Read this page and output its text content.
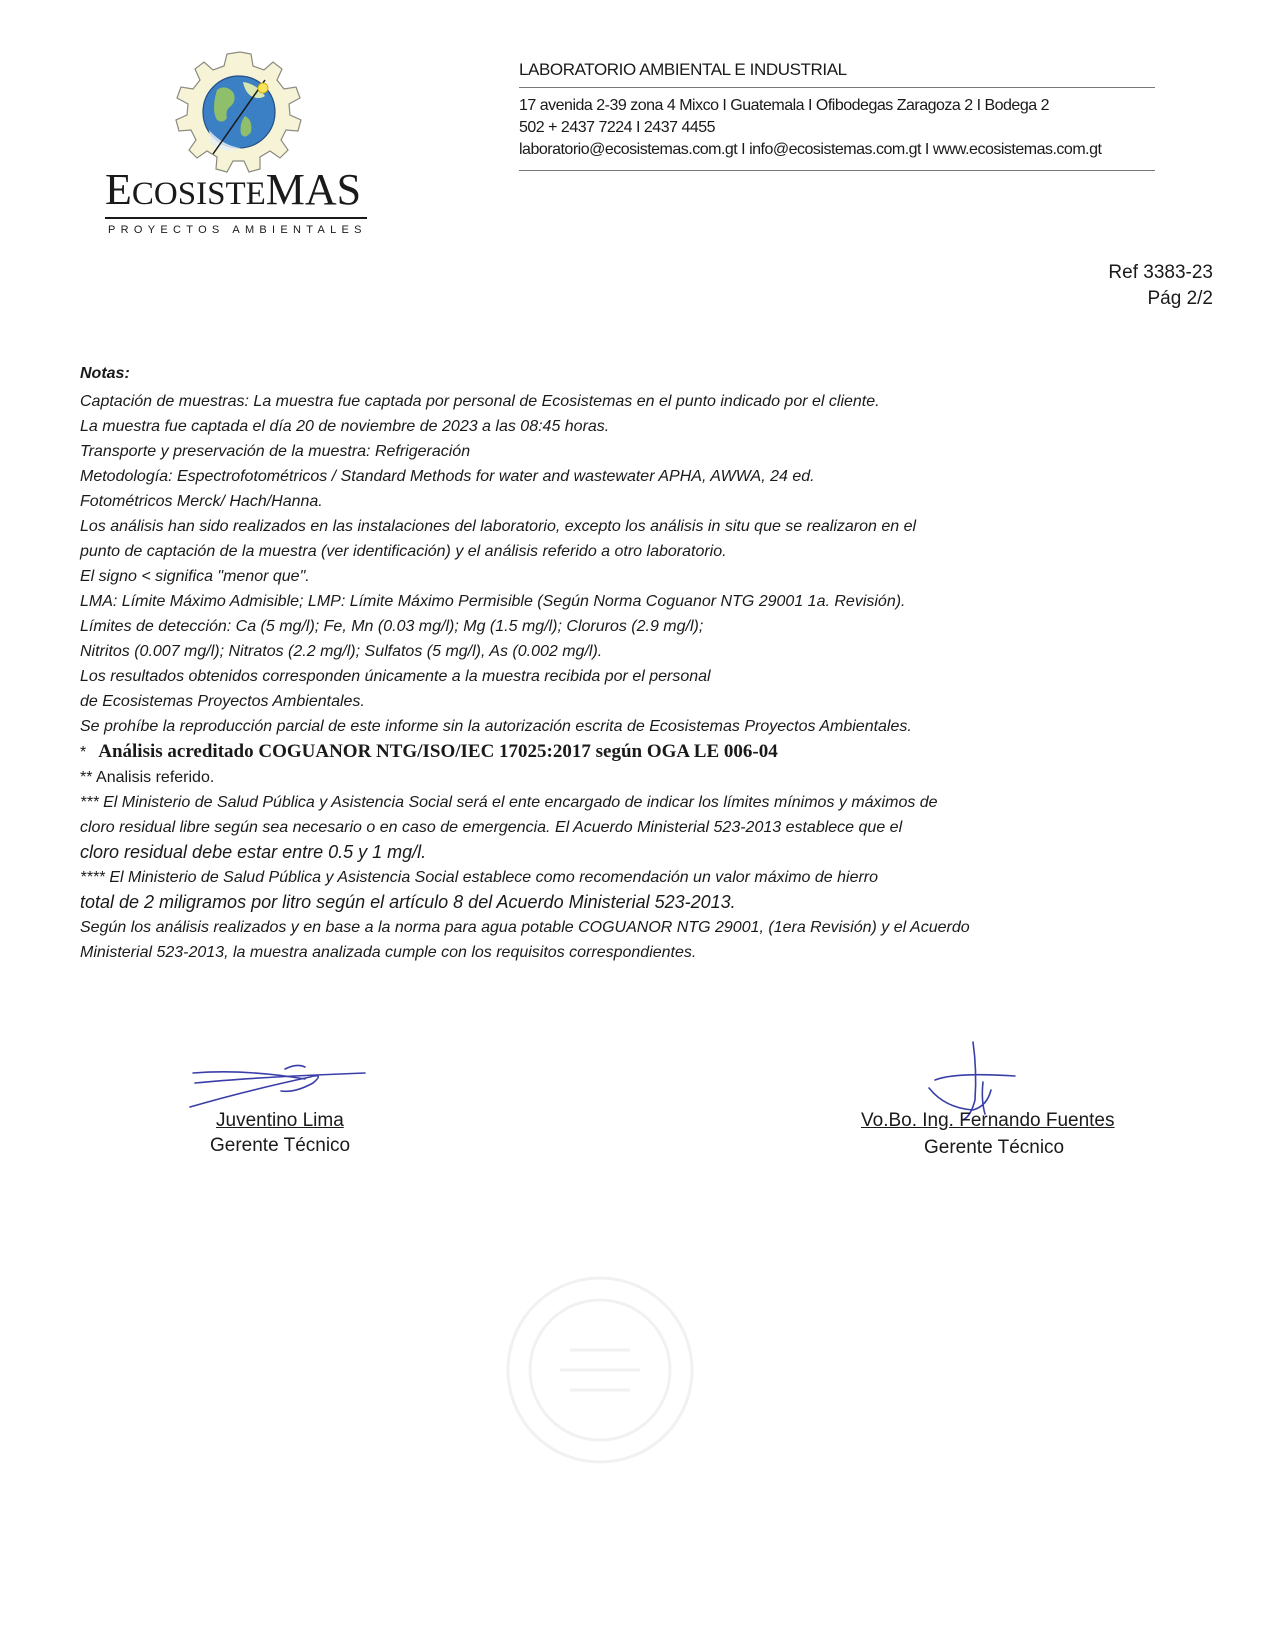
ECOSISTEMAS
PROYECTOS AMBIENTALES
LABORATORIO AMBIENTAL E INDUSTRIAL
17 avenida 2-39 zona 4 Mixco I Guatemala I Ofibodegas Zaragoza 2 I Bodega 2
502 + 2437 7224 I 2437 4455
laboratorio@ecosistemas.com.gt I info@ecosistemas.com.gt I www.ecosistemas.com.gt
Ref 3383-23
Pág 2/2
Notas:
Captación de muestras: La muestra fue captada por personal de Ecosistemas en el punto indicado por el cliente.
La muestra fue captada el día 20 de noviembre de 2023 a las 08:45 horas.
Transporte y preservación de la muestra: Refrigeración
Metodología: Espectrofotométricos / Standard Methods for water and wastewater APHA, AWWA, 24 ed.
Fotométricos Merck/ Hach/Hanna.
Los análisis han sido realizados en las instalaciones del laboratorio, excepto los análisis in situ que se realizaron en el
punto de captación de la muestra (ver identificación) y el análisis referido a otro laboratorio.
El signo < significa "menor que".
LMA: Límite Máximo Admisible; LMP: Límite Máximo Permisible (Según Norma Coguanor NTG 29001 1a. Revisión).
Límites de detección: Ca (5 mg/l); Fe, Mn (0.03 mg/l); Mg (1.5 mg/l); Cloruros (2.9 mg/l);
Nitritos (0.007 mg/l); Nitratos (2.2 mg/l); Sulfatos (5 mg/l), As (0.002 mg/l).
Los resultados obtenidos corresponden únicamente a la muestra recibida por el personal
de Ecosistemas Proyectos Ambientales.
Se prohíbe la reproducción parcial de este informe sin la autorización escrita de Ecosistemas Proyectos Ambientales.
* Análisis acreditado COGUANOR NTG/ISO/IEC 17025:2017 según OGA LE 006-04
** Analisis referido.
*** El Ministerio de Salud Pública y Asistencia Social será el ente encargado de indicar los límites mínimos y máximos de
cloro residual libre según sea necesario o en caso de emergencia. El Acuerdo Ministerial 523-2013 establece que el
cloro residual debe estar entre 0.5 y 1 mg/l.
**** El Ministerio de Salud Pública y Asistencia Social establece como recomendación un valor máximo de hierro
total de 2 miligramos por litro según el artículo 8 del Acuerdo Ministerial 523-2013.
Según los análisis realizados y en base a la norma para agua potable COGUANOR NTG 29001, (1era Revisión) y el Acuerdo
Ministerial 523-2013, la muestra analizada cumple con los requisitos correspondientes.
Juventino Lima
Gerente Técnico
Vo.Bo. Ing. Fernando Fuentes
Gerente Técnico
